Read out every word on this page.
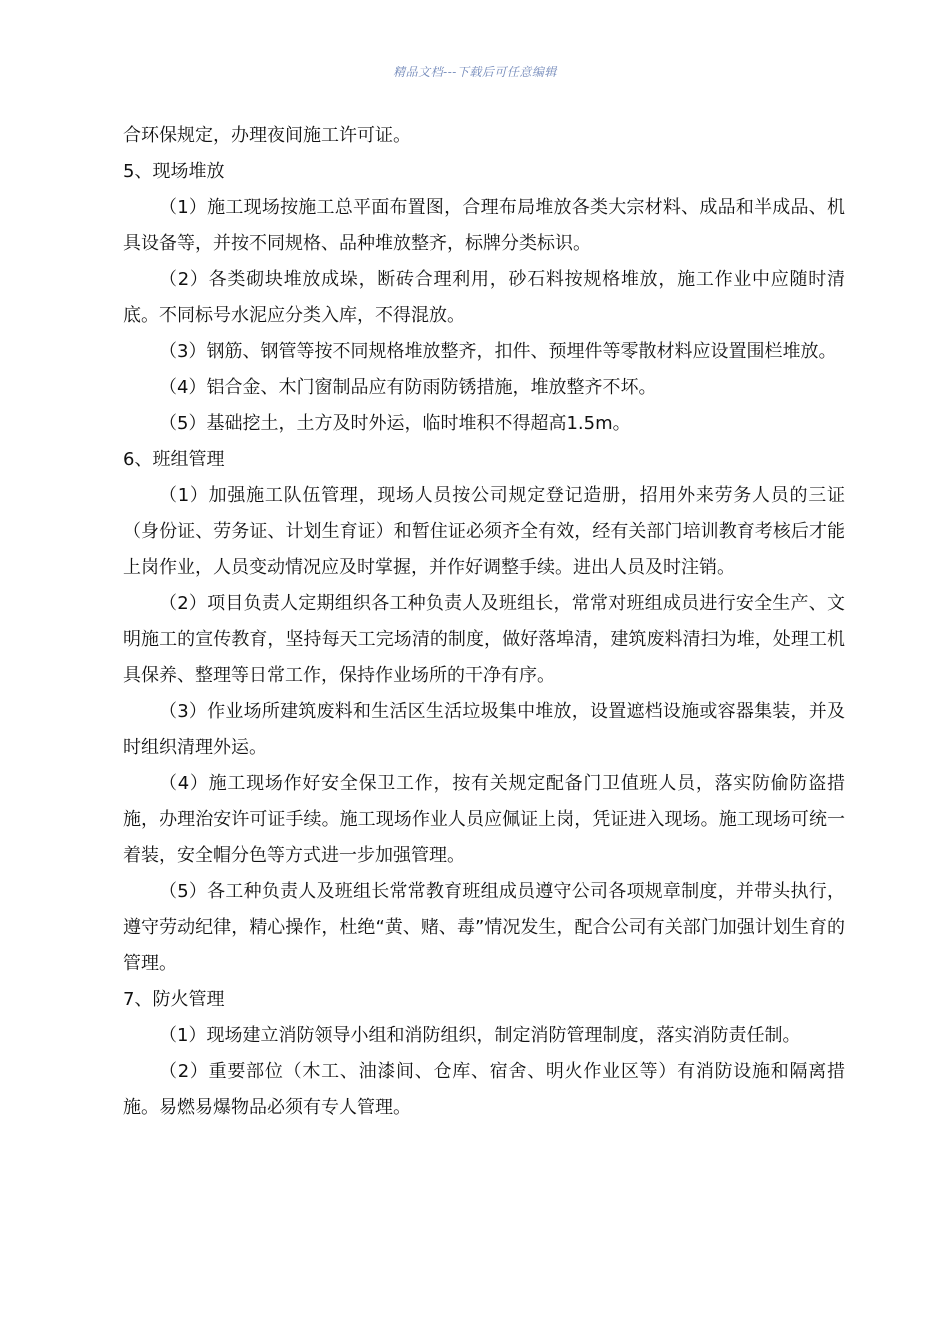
精品文档---下载后可任意编辑

合环保规定，办理夜间施工许可证。

5、现场堆放

（1）施工现场按施工总平面布置图，合理布局堆放各类大宗材料、成品和半成品、机具设备等，并按不同规格、品种堆放整齐，标牌分类标识。

（2）各类砌块堆放成垛，断砖合理利用，砂石料按规格堆放，施工作业中应随时清底。不同标号水泥应分类入库，不得混放。

（3）钢筋、钢管等按不同规格堆放整齐，扣件、预埋件等零散材料应设置围栏堆放。

（4）铝合金、木门窗制品应有防雨防锈措施，堆放整齐不坏。

（5）基础挖土，土方及时外运，临时堆积不得超高1.5m。

6、班组管理

（1）加强施工队伍管理，现场人员按公司规定登记造册，招用外来劳务人员的三证（身份证、劳务证、计划生育证）和暂住证必须齐全有效，经有关部门培训教育考核后才能上岗作业，人员变动情况应及时掌握，并作好调整手续。进出人员及时注销。

（2）项目负责人定期组织各工种负责人及班组长，常常对班组成员进行安全生产、文明施工的宣传教育，坚持每天工完场清的制度，做好落埠清，建筑废料清扫为堆，处理工机具保养、整理等日常工作，保持作业场所的干净有序。

（3）作业场所建筑废料和生活区生活垃圾集中堆放，设置遮档设施或容器集装，并及时组织清理外运。

（4）施工现场作好安全保卫工作，按有关规定配备门卫值班人员，落实防偷防盗措施，办理治安许可证手续。施工现场作业人员应佩证上岗，凭证进入现场。施工现场可统一着装，安全帽分色等方式进一步加强管理。

（5）各工种负责人及班组长常常教育班组成员遵守公司各项规章制度，并带头执行，遵守劳动纪律，精心操作，杜绝“黄、赌、毒”情况发生，配合公司有关部门加强计划生育的管理。

7、防火管理

（1）现场建立消防领导小组和消防组织，制定消防管理制度，落实消防责任制。

（2）重要部位（木工、油漆间、仓库、宿舍、明火作业区等）有消防设施和隔离措施。易燃易爆物品必须有专人管理。
